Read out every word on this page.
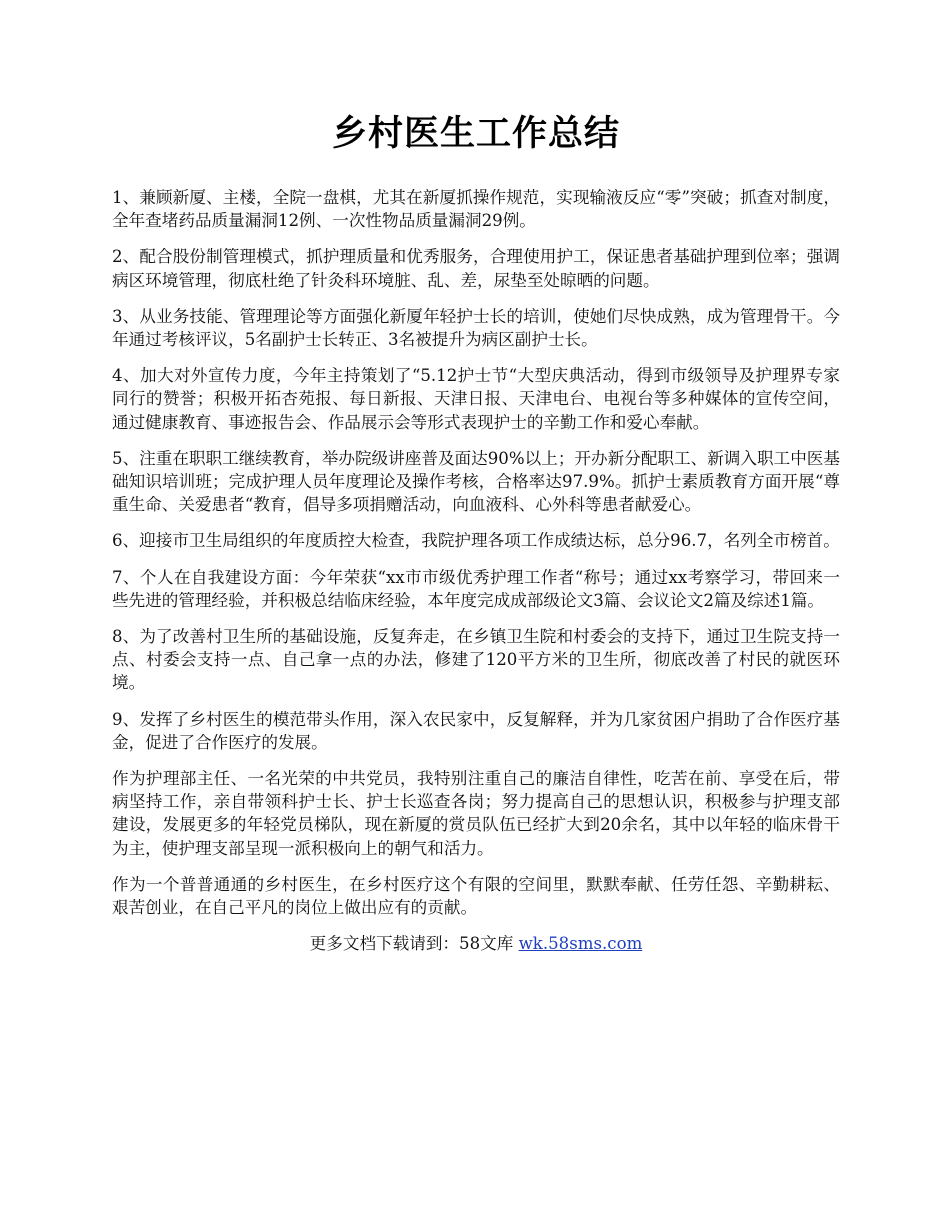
乡村医生工作总结

1、兼顾新厦、主楼，全院一盘棋，尤其在新厦抓操作规范，实现输液反应“零”突破；抓查对制度，全年查堵药品质量漏洞12例、一次性物品质量漏洞29例。

2、配合股份制管理模式，抓护理质量和优秀服务，合理使用护工，保证患者基础护理到位率；强调病区环境管理，彻底杜绝了针灸科环境脏、乱、差，尿垫至处晾晒的问题。

3、从业务技能、管理理论等方面强化新厦年轻护士长的培训，使她们尽快成熟，成为管理骨干。今年通过考核评议，5名副护士长转正、3名被提升为病区副护士长。

4、加大对外宣传力度，今年主持策划了“5.12护士节“大型庆典活动，得到市级领导及护理界专家同行的赞誉；积极开拓杏苑报、每日新报、天津日报、天津电台、电视台等多种媒体的宣传空间，通过健康教育、事迹报告会、作品展示会等形式表现护士的辛勤工作和爱心奉献。

5、注重在职职工继续教育，举办院级讲座普及面达90%以上；开办新分配职工、新调入职工中医基础知识培训班；完成护理人员年度理论及操作考核，合格率达97.9%。抓护士素质教育方面开展“尊重生命、关爱患者“教育，倡导多项捐赠活动，向血液科、心外科等患者献爱心。

6、迎接市卫生局组织的年度质控大检查，我院护理各项工作成绩达标，总分96.7，名列全市榜首。

7、个人在自我建设方面：今年荣获“xx市市级优秀护理工作者“称号；通过xx考察学习，带回来一些先进的管理经验，并积极总结临床经验，本年度完成成部级论文3篇、会议论文2篇及综述1篇。

8、为了改善村卫生所的基础设施，反复奔走，在乡镇卫生院和村委会的支持下，通过卫生院支持一点、村委会支持一点、自己拿一点的办法，修建了120平方米的卫生所，彻底改善了村民的就医环境。

9、发挥了乡村医生的模范带头作用，深入农民家中，反复解释，并为几家贫困户捐助了合作医疗基金，促进了合作医疗的发展。

作为护理部主任、一名光荣的中共党员，我特别注重自己的廉洁自律性，吃苦在前、享受在后，带病坚持工作，亲自带领科护士长、护士长巡查各岗；努力提高自己的思想认识，积极参与护理支部建设，发展更多的年轻党员梯队，现在新厦的赏员队伍已经扩大到20余名，其中以年轻的临床骨干为主，使护理支部呈现一派积极向上的朝气和活力。

作为一个普普通通的乡村医生，在乡村医疗这个有限的空间里，默默奉献、任劳任怨、辛勤耕耘、艰苦创业，在自己平凡的岗位上做出应有的贡献。

更多文档下载请到：58文库 wk.58sms.com
